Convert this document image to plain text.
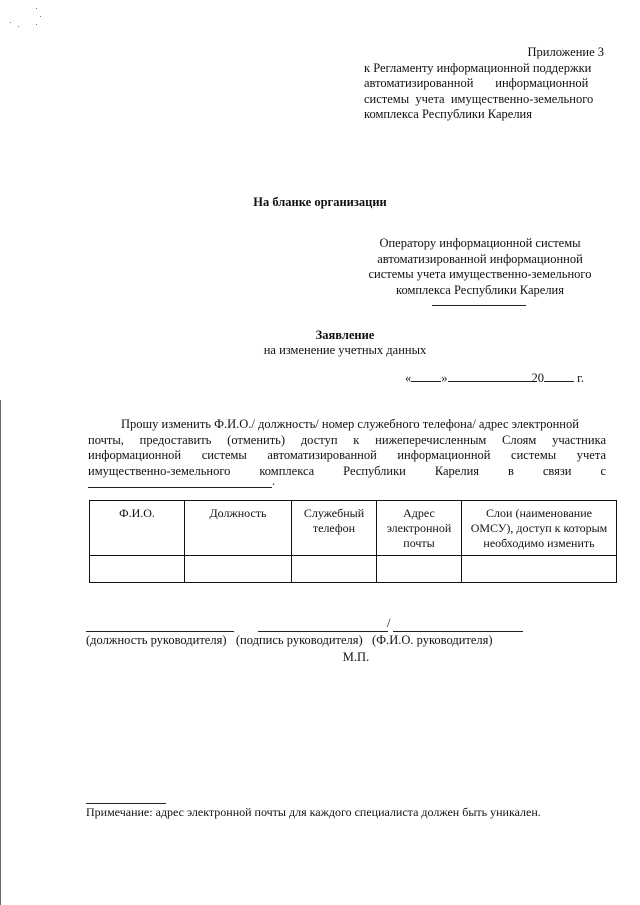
Приложение 3
к Регламенту информационной поддержки
автоматизированной       информационной
системы  учета  имущественно-земельного
комплекса Республики Карелия
На бланке организации
Оператору информационной системы
автоматизированной информационной
системы учета имущественно-земельного
комплекса Республики Карелия
Заявление
на изменение учетных данных
« »	20	г.
Прошу изменить Ф.И.О./ должность/ номер служебного телефона/ адрес электронной
почты, предоставить (отменить) доступ к нижеперечисленным Слоям участника
информационной системы автоматизированной информационной системы учета
имущественно-земельного комплекса Республики Карелия в связи с
.
Ф.И.О.	Должность	Служебный телефон	Адрес электронной почты	Слои (наименование ОМСУ), доступ к которым необходимо изменить

/
(должность руководителя)   (подпись руководителя)   (Ф.И.О. руководителя)
М.П.
Примечание: адрес электронной почты для каждого специалиста должен быть уникален.
